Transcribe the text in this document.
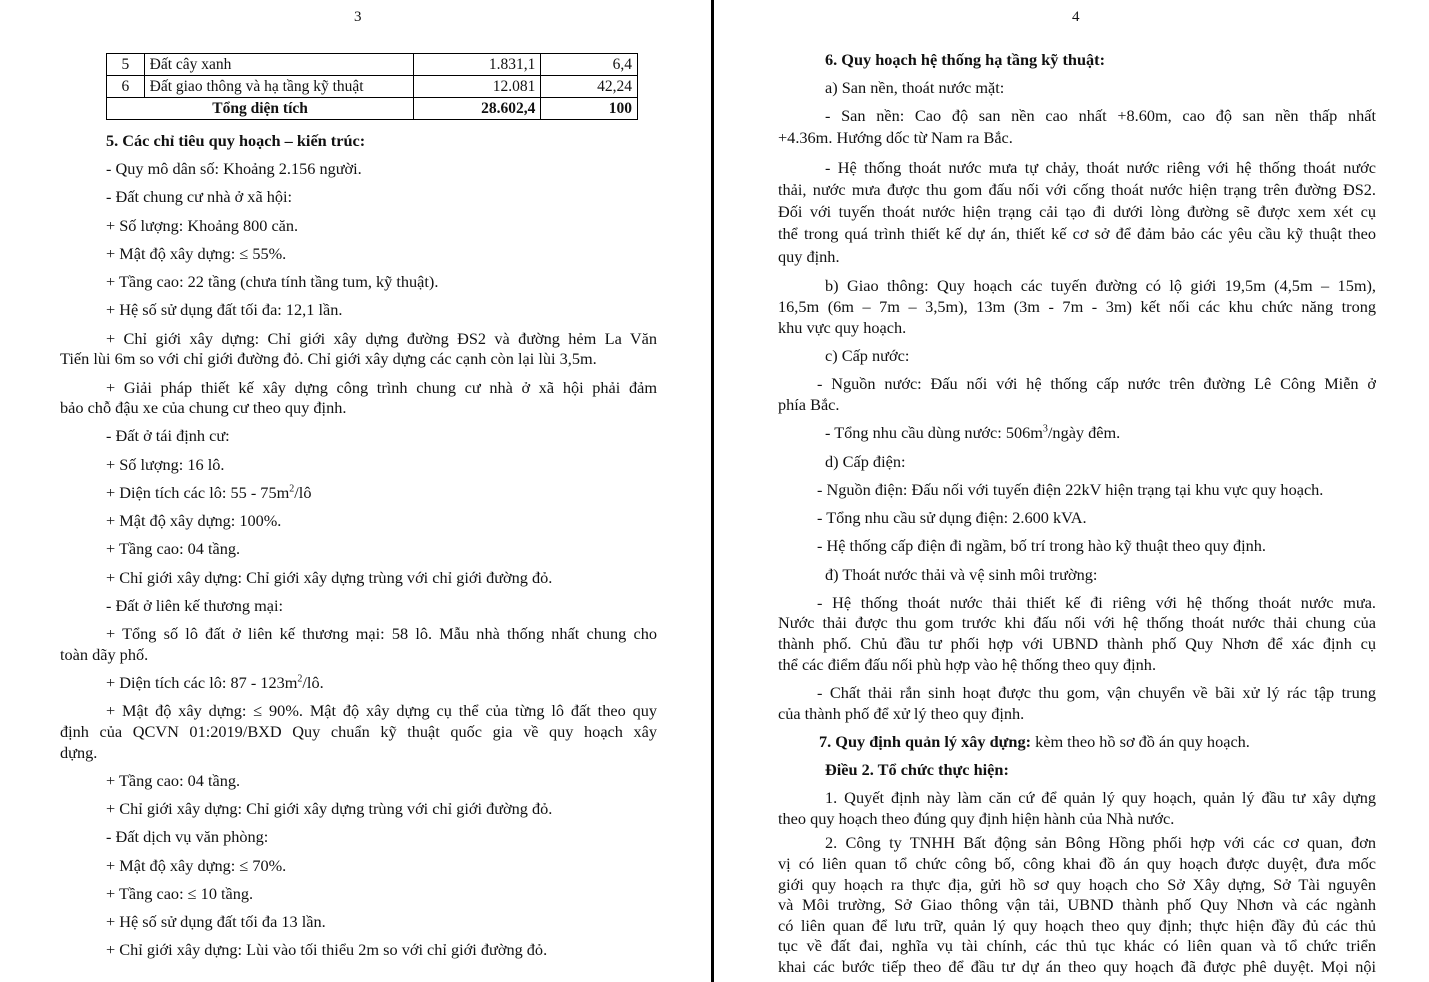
3
5	Đất cây xanh	1.831,1	6,4
6	Đất giao thông và hạ tầng kỹ thuật	12.081	42,24
Tổng diện tích		28.602,4	100
5. Các chỉ tiêu quy hoạch – kiến trúc:
- Quy mô dân số: Khoảng 2.156 người.
- Đất chung cư nhà ở xã hội:
+ Số lượng: Khoảng 800 căn.
+ Mật độ xây dựng: ≤ 55%.
+ Tầng cao: 22 tầng (chưa tính tầng tum, kỹ thuật).
+ Hệ số sử dụng đất tối đa: 12,1 lần.
+ Chỉ giới xây dựng: Chỉ giới xây dựng đường ĐS2 và đường hẻm La Văn
Tiến lùi 6m so với chỉ giới đường đỏ. Chỉ giới xây dựng các cạnh còn lại lùi 3,5m.
+ Giải pháp thiết kế xây dựng công trình chung cư nhà ở xã hội phải đảm
bảo chỗ đậu xe của chung cư theo quy định.
- Đất ở tái định cư:
+ Số lượng: 16 lô.
+ Diện tích các lô: $55 - 75m^2/lô$
+ Mật độ xây dựng: 100%.
+ Tầng cao: 04 tầng.
+ Chỉ giới xây dựng: Chỉ giới xây dựng trùng với chỉ giới đường đỏ.
- Đất ở liên kế thương mại:
+ Tổng số lô đất ở liên kế thương mại: 58 lô. Mẫu nhà thống nhất chung cho
toàn dãy phố.
+ Diện tích các lô: $87 - 123m^2/lô$.
+ Mật độ xây dựng: ≤ 90%. Mật độ xây dựng cụ thể của từng lô đất theo quy
định của QCVN 01:2019/BXD Quy chuẩn kỹ thuật quốc gia về quy hoạch xây
dựng.
+ Tầng cao: 04 tầng.
+ Chỉ giới xây dựng: Chỉ giới xây dựng trùng với chỉ giới đường đỏ.
- Đất dịch vụ văn phòng:
+ Mật độ xây dựng: ≤ 70%.
+ Tầng cao: ≤ 10 tầng.
+ Hệ số sử dụng đất tối đa 13 lần.
+ Chỉ giới xây dựng: Lùi vào tối thiểu 2m so với chỉ giới đường đỏ.
4
6. Quy hoạch hệ thống hạ tầng kỹ thuật:
a) San nền, thoát nước mặt:
- San nền: Cao độ san nền cao nhất +8.60m, cao độ san nền thấp nhất
+4.36m. Hướng dốc từ Nam ra Bắc.
- Hệ thống thoát nước mưa tự chảy, thoát nước riêng với hệ thống thoát nước
thải, nước mưa được thu gom đấu nối với cống thoát nước hiện trạng trên đường ĐS2.
Đối với tuyến thoát nước hiện trạng cải tạo đi dưới lòng đường sẽ được xem xét cụ
thể trong quá trình thiết kế dự án, thiết kế cơ sở để đảm bảo các yêu cầu kỹ thuật theo
quy định.
b) Giao thông: Quy hoạch các tuyến đường có lộ giới 19,5m (4,5m – 15m),
16,5m (6m – 7m – 3,5m), 13m (3m - 7m - 3m) kết nối các khu chức năng trong
khu vực quy hoạch.
c) Cấp nước:
- Nguồn nước: Đấu nối với hệ thống cấp nước trên đường Lê Công Miễn ở
phía Bắc.
- Tổng nhu cầu dùng nước: $506m^3$/ngày đêm.
d) Cấp điện:
- Nguồn điện: Đấu nối với tuyến điện 22kV hiện trạng tại khu vực quy hoạch.
- Tổng nhu cầu sử dụng điện: 2.600 kVA.
- Hệ thống cấp điện đi ngầm, bố trí trong hào kỹ thuật theo quy định.
đ) Thoát nước thải và vệ sinh môi trường:
- Hệ thống thoát nước thải thiết kế đi riêng với hệ thống thoát nước mưa.
Nước thải được thu gom trước khi đấu nối với hệ thống thoát nước thải chung của
thành phố. Chủ đầu tư phối hợp với UBND thành phố Quy Nhơn để xác định cụ
thể các điểm đấu nối phù hợp vào hệ thống theo quy định.
- Chất thải rắn sinh hoạt được thu gom, vận chuyển về bãi xử lý rác tập trung
của thành phố để xử lý theo quy định.
7. Quy định quản lý xây dựng: kèm theo hồ sơ đồ án quy hoạch.
Điều 2. Tổ chức thực hiện:
1. Quyết định này làm căn cứ để quản lý quy hoạch, quản lý đầu tư xây dựng
theo quy hoạch theo đúng quy định hiện hành của Nhà nước.
2. Công ty TNHH Bất động sản Bông Hồng phối hợp với các cơ quan, đơn
vị có liên quan tổ chức công bố, công khai đồ án quy hoạch được duyệt, đưa mốc
giới quy hoạch ra thực địa, gửi hồ sơ quy hoạch cho Sở Xây dựng, Sở Tài nguyên
và Môi trường, Sở Giao thông vận tải, UBND thành phố Quy Nhơn và các ngành
có liên quan để lưu trữ, quản lý quy hoạch theo quy định; thực hiện đầy đủ các thủ
tục về đất đai, nghĩa vụ tài chính, các thủ tục khác có liên quan và tổ chức triển
khai các bước tiếp theo để đầu tư dự án theo quy hoạch đã được phê duyệt. Mọi nội
